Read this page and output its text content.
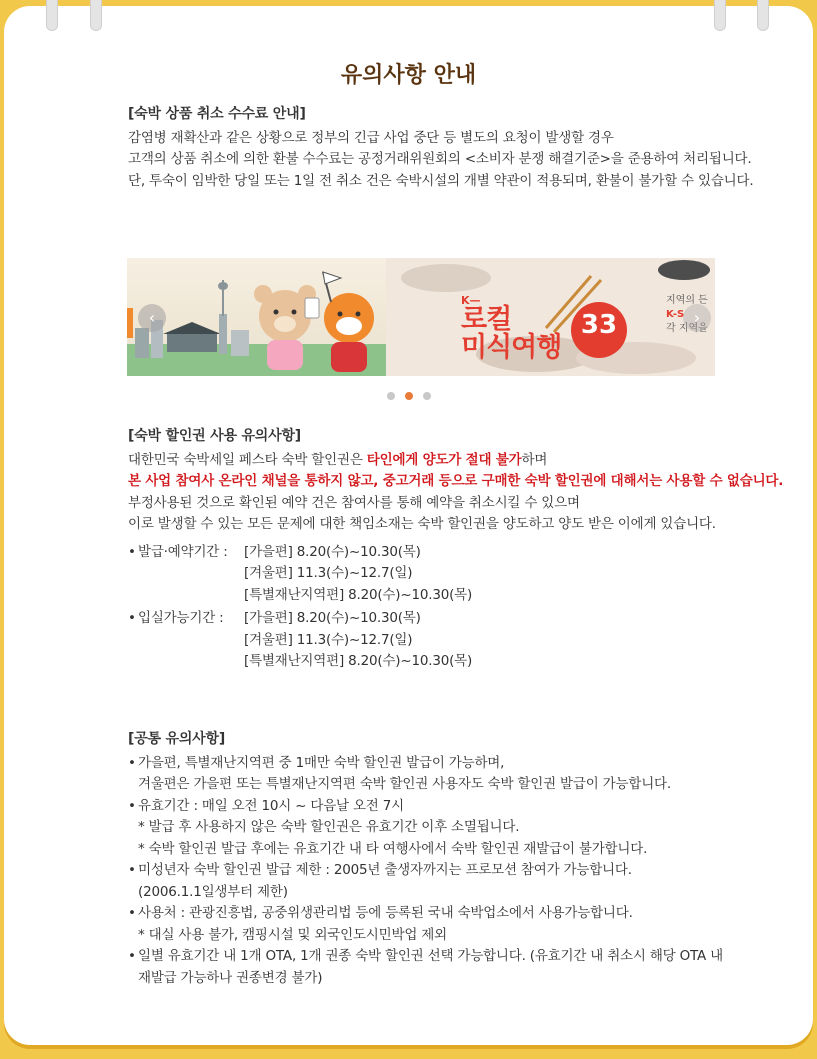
유의사항 안내
[숙박 상품 취소 수수료 안내]

감염병 재확산과 같은 상황으로 정부의 긴급 사업 중단 등 별도의 요청이 발생할 경우

고객의 상품 취소에 의한 환불 수수료는 공정거래위원회의 <소비자 분쟁 해결기준>을 준용하여 처리됩니다.

단, 투숙이 임박한 당일 또는 1일 전 취소 건은 숙박시설의 개별 약관이 적용되며, 환불이 불가할 수 있습니다.

K—
로컬
미식여행
33
지역의 든
K-S
각 지역을
‹	›
[숙박 할인권 사용 유의사항]

대한민국 숙박세일 페스타 숙박 할인권은 타인에게 양도가 절대 불가하며

본 사업 참여사 온라인 채널을 통하지 않고, 중고거래 등으로 구매한 숙박 할인권에 대해서는 사용할 수 없습니다.

부정사용된 것으로 확인된 예약 건은 참여사를 통해 예약을 취소시킬 수 있으며

이로 발생할 수 있는 모든 문제에 대한 책임소재는 숙박 할인권을 양도하고 양도 받은 이에게 있습니다.

• 발급·예약기간 : [가을편] 8.20(수)~10.30(목)
[겨울편] 11.3(수)~12.7(일)
[특별재난지역편] 8.20(수)~10.30(목)
• 입실가능기간 : [가을편] 8.20(수)~10.30(목)
[겨울편] 11.3(수)~12.7(일)
[특별재난지역편] 8.20(수)~10.30(목)
[공통 유의사항]
• 가을편, 특별재난지역편 중 1매만 숙박 할인권 발급이 가능하며,
겨울편은 가을편 또는 특별재난지역편 숙박 할인권 사용자도 숙박 할인권 발급이 가능합니다.
• 유효기간 : 매일 오전 10시 ~ 다음날 오전 7시
* 발급 후 사용하지 않은 숙박 할인권은 유효기간 이후 소멸됩니다.
* 숙박 할인권 발급 후에는 유효기간 내 타 여행사에서 숙박 할인권 재발급이 불가합니다.
• 미성년자 숙박 할인권 발급 제한 : 2005년 출생자까지는 프로모션 참여가 가능합니다.
(2006.1.1일생부터 제한)
• 사용처 : 관광진흥법, 공중위생관리법 등에 등록된 국내 숙박업소에서 사용가능합니다.
* 대실 사용 불가, 캠핑시설 및 외국인도시민박업 제외
• 일별 유효기간 내 1개 OTA, 1개 권종 숙박 할인권 선택 가능합니다. (유효기간 내 취소시 해당 OTA 내
재발급 가능하나 권종변경 불가)
